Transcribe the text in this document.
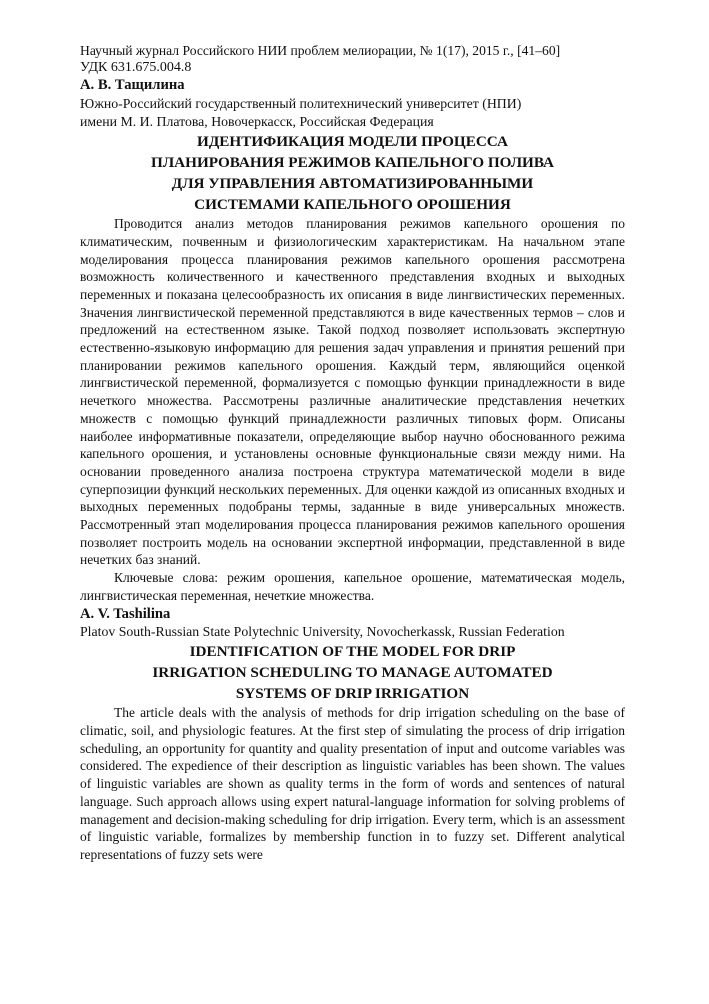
Научный журнал Российского НИИ проблем мелиорации, № 1(17), 2015 г., [41–60]

УДК 631.675.004.8

А. В. Тащилина

Южно-Российский государственный политехнический университет (НПИ)

имени М. И. Платова, Новочеркасск, Российская Федерация

ИДЕНТИФИКАЦИЯ МОДЕЛИ ПРОЦЕССА
ПЛАНИРОВАНИЯ РЕЖИМОВ КАПЕЛЬНОГО ПОЛИВА
ДЛЯ УПРАВЛЕНИЯ АВТОМАТИЗИРОВАННЫМИ
СИСТЕМАМИ КАПЕЛЬНОГО ОРОШЕНИЯ

Проводится анализ методов планирования режимов капельного орошения по климатическим, почвенным и физиологическим характеристикам. На начальном этапе моделирования процесса планирования режимов капельного орошения рассмотрена возможность количественного и качественного представления входных и выходных переменных и показана целесообразность их описания в виде лингвистических переменных. Значения лингвистической переменной представляются в виде качественных термов – слов и предложений на естественном языке. Такой подход позволяет использовать экспертную естественно-языковую информацию для решения задач управления и принятия решений при планировании режимов капельного орошения. Каждый терм, являющийся оценкой лингвистической переменной, формализуется с помощью функции принадлежности в виде нечеткого множества. Рассмотрены различные аналитические представления нечетких множеств с помощью функций принадлежности различных типовых форм. Описаны наиболее информативные показатели, определяющие выбор научно обоснованного режима капельного орошения, и установлены основные функциональные связи между ними. На основании проведенного анализа построена структура математической модели в виде суперпозиции функций нескольких переменных. Для оценки каждой из описанных входных и выходных переменных подобраны термы, заданные в виде универсальных множеств. Рассмотренный этап моделирования процесса планирования режимов капельного орошения позволяет построить модель на основании экспертной информации, представленной в виде нечетких баз знаний.

Ключевые слова: режим орошения, капельное орошение, математическая модель, лингвистическая переменная, нечеткие множества.

A. V. Tashilina

Platov South-Russian State Polytechnic University, Novocherkassk, Russian Federation

IDENTIFICATION OF THE MODEL FOR DRIP
IRRIGATION SCHEDULING TO MANAGE AUTOMATED
SYSTEMS OF DRIP IRRIGATION

The article deals with the analysis of methods for drip irrigation scheduling on the base of climatic, soil, and physiologic features. At the first step of simulating the process of drip irrigation scheduling, an opportunity for quantity and quality presentation of input and outcome variables was considered. The expedience of their description as linguistic variables has been shown. The values of linguistic variables are shown as quality terms in the form of words and sentences of natural language. Such approach allows using expert natural-language information for solving problems of management and decision-making scheduling for drip irrigation. Every term, which is an assessment of linguistic variable, formalizes by membership function in to fuzzy set. Different analytical representations of fuzzy sets were
